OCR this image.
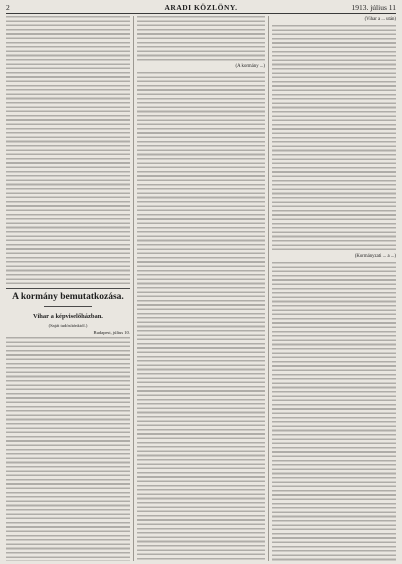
2	ARADI KÖZLÖNY.	1913. július 11
A kormány bemutatkozása.
Vihar a képviselőházban.
(Saját tudósítónktól.)
Budapest, július 10.
(A kormány ...)
(Vihar a ... után)
(Kormányzati ... a ...)
